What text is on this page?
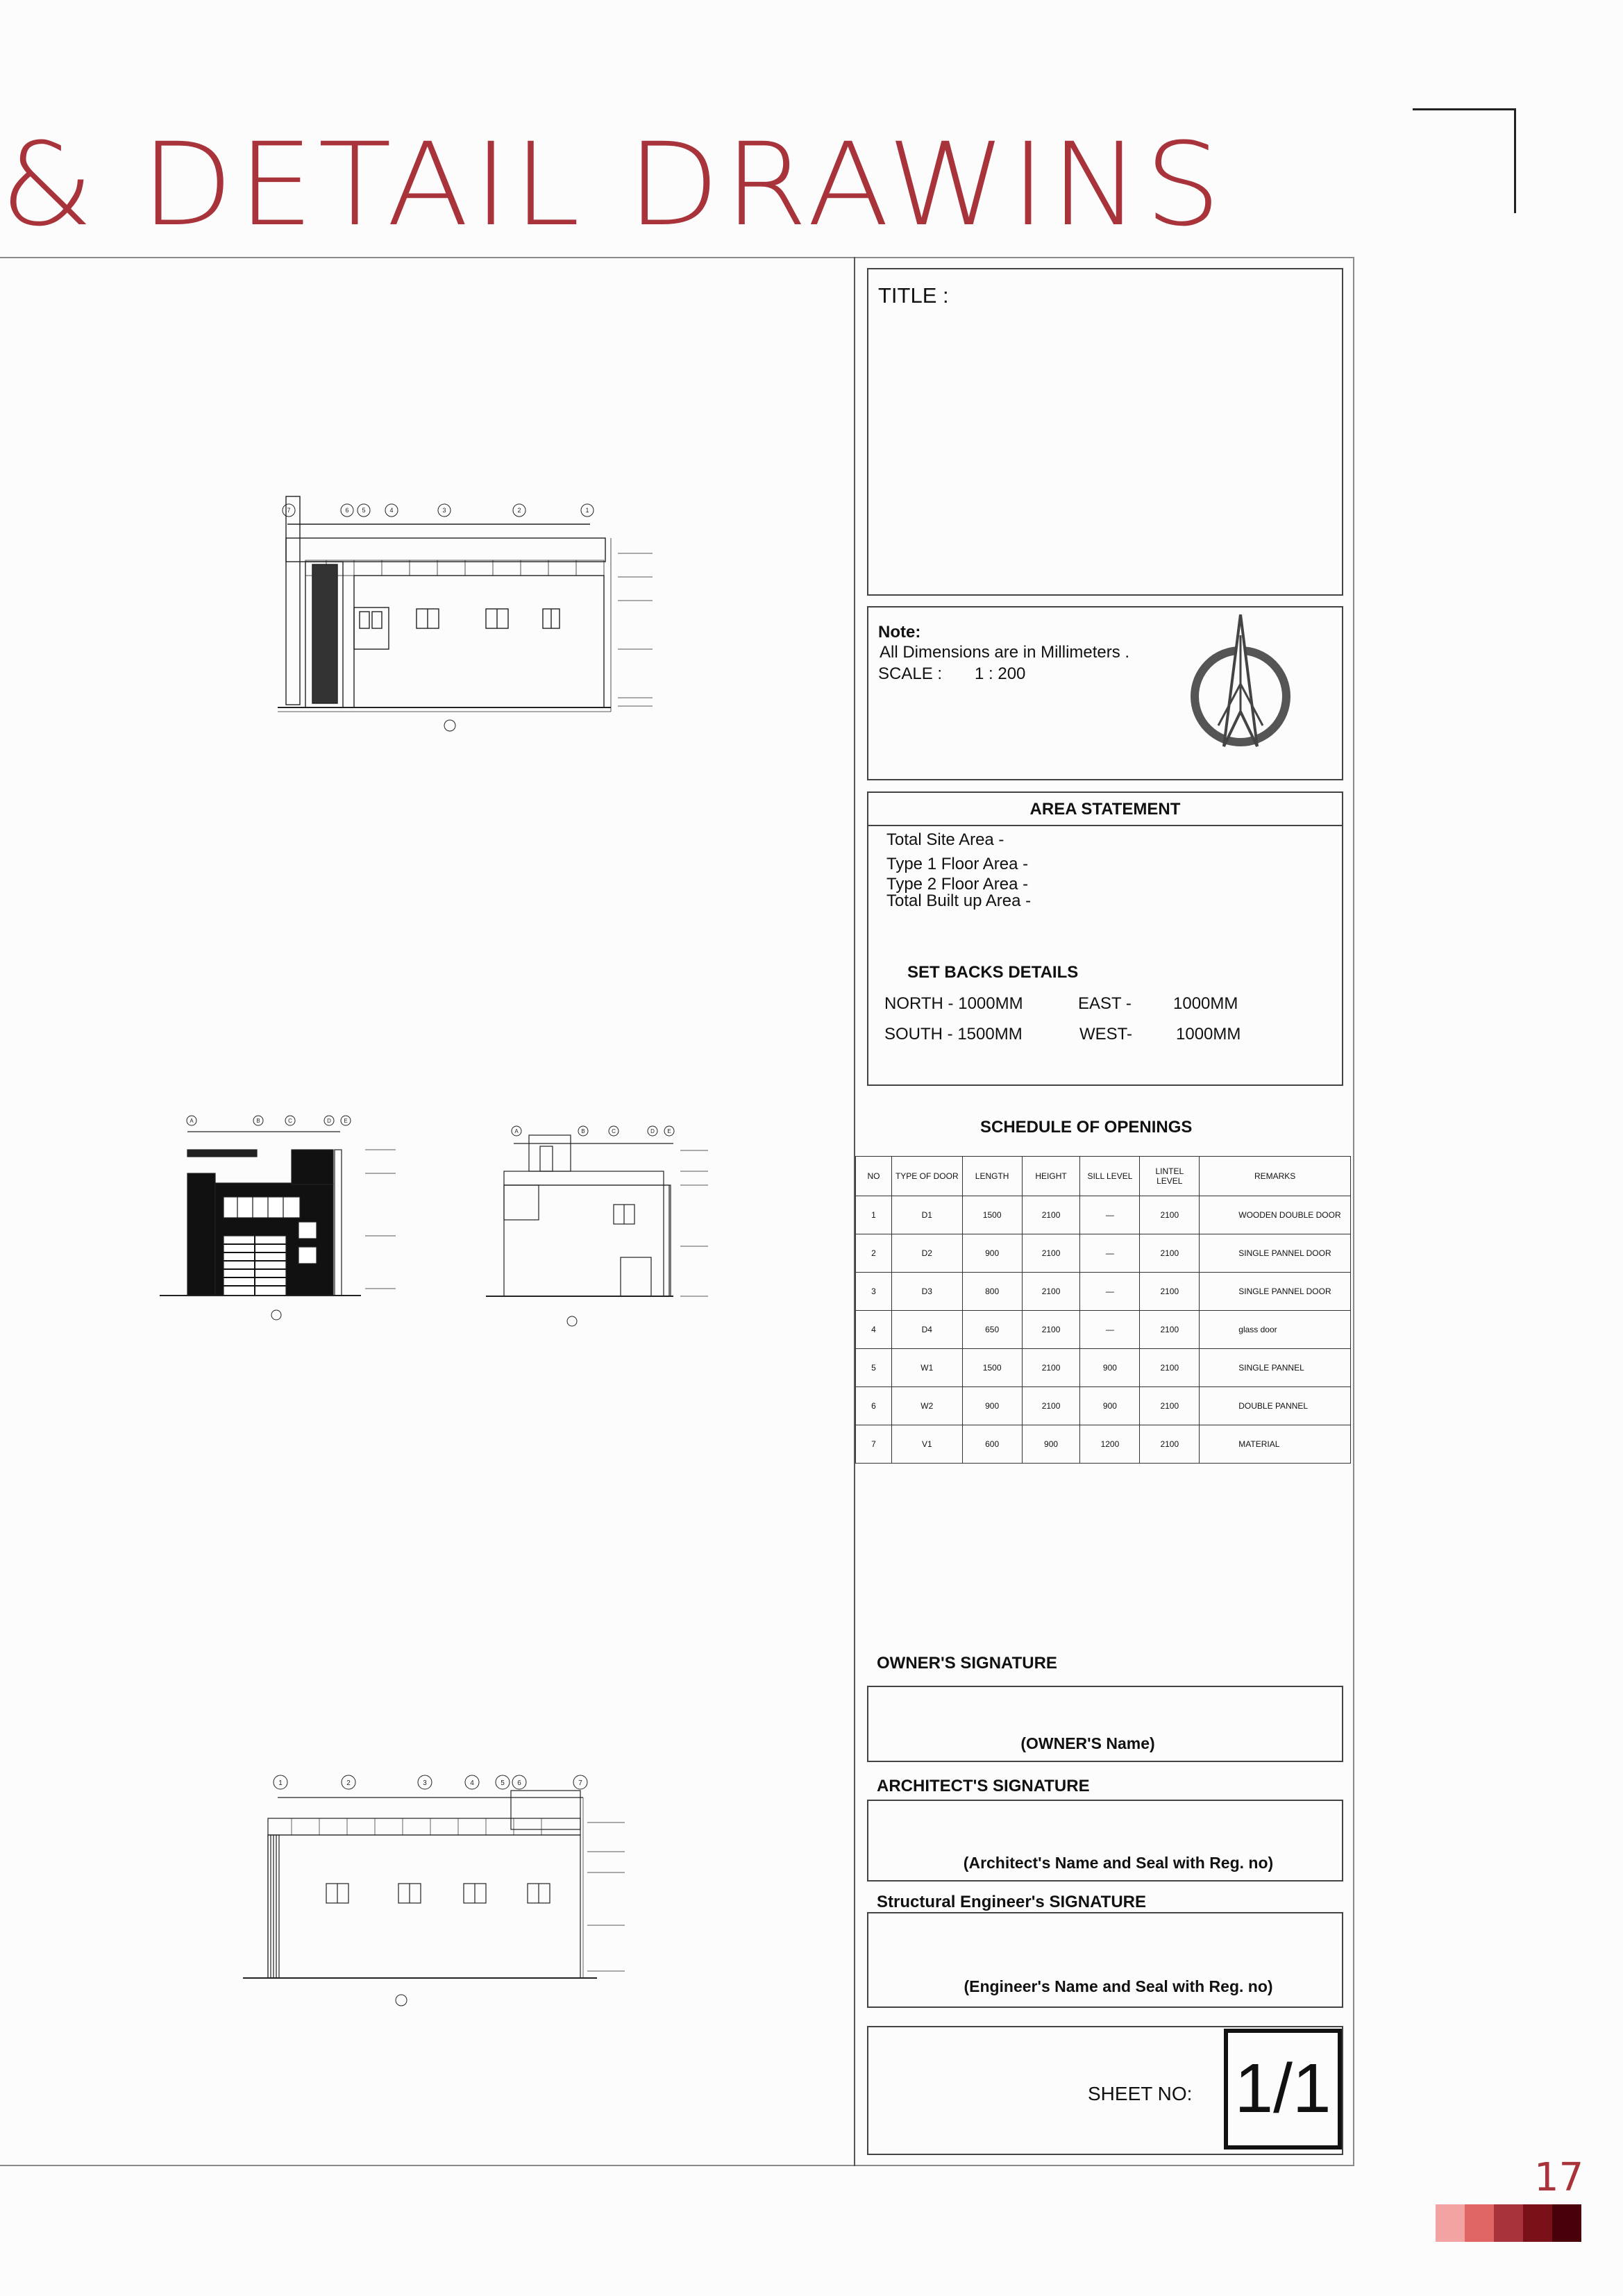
& DETAIL DRAWINS
7	6 5	4	3	2	1
A	B	C	D E
A	B	C	D E
1	2	3	4	5 6	7
TITLE :
Note:
All Dimensions are in Millimeters .
SCALE : 1 : 200
AREA STATEMENT
Total Site Area -
Type 1 Floor Area -
Type 2 Floor Area -
Total Built up Area -
SET BACKS DETAILS
NORTH - 1000MM	EAST -	1000MM
SOUTH - 1500MM	WEST-	1000MM
SCHEDULE OF OPENINGS
NO	TYPE OF DOOR	LENGTH	HEIGHT	SILL LEVEL	LINTEL LEVEL	REMARKS
1	D1	1500	2100	—	2100	WOODEN DOUBLE DOOR
2	D2	900	2100	—	2100	SINGLE PANNEL DOOR
3	D3	800	2100	—	2100	SINGLE PANNEL DOOR
4	D4	650	2100	—	2100	glass door
5	W1	1500	2100	900	2100	SINGLE PANNEL
6	W2	900	2100	900	2100	DOUBLE PANNEL
7	V1	600	900	1200	2100	MATERIAL
OWNER'S SIGNATURE
(OWNER'S Name)
ARCHITECT'S SIGNATURE
(Architect's Name and Seal with Reg. no)
Structural Engineer's SIGNATURE
(Engineer's Name and Seal with Reg. no)
SHEET NO: 1/1
17
